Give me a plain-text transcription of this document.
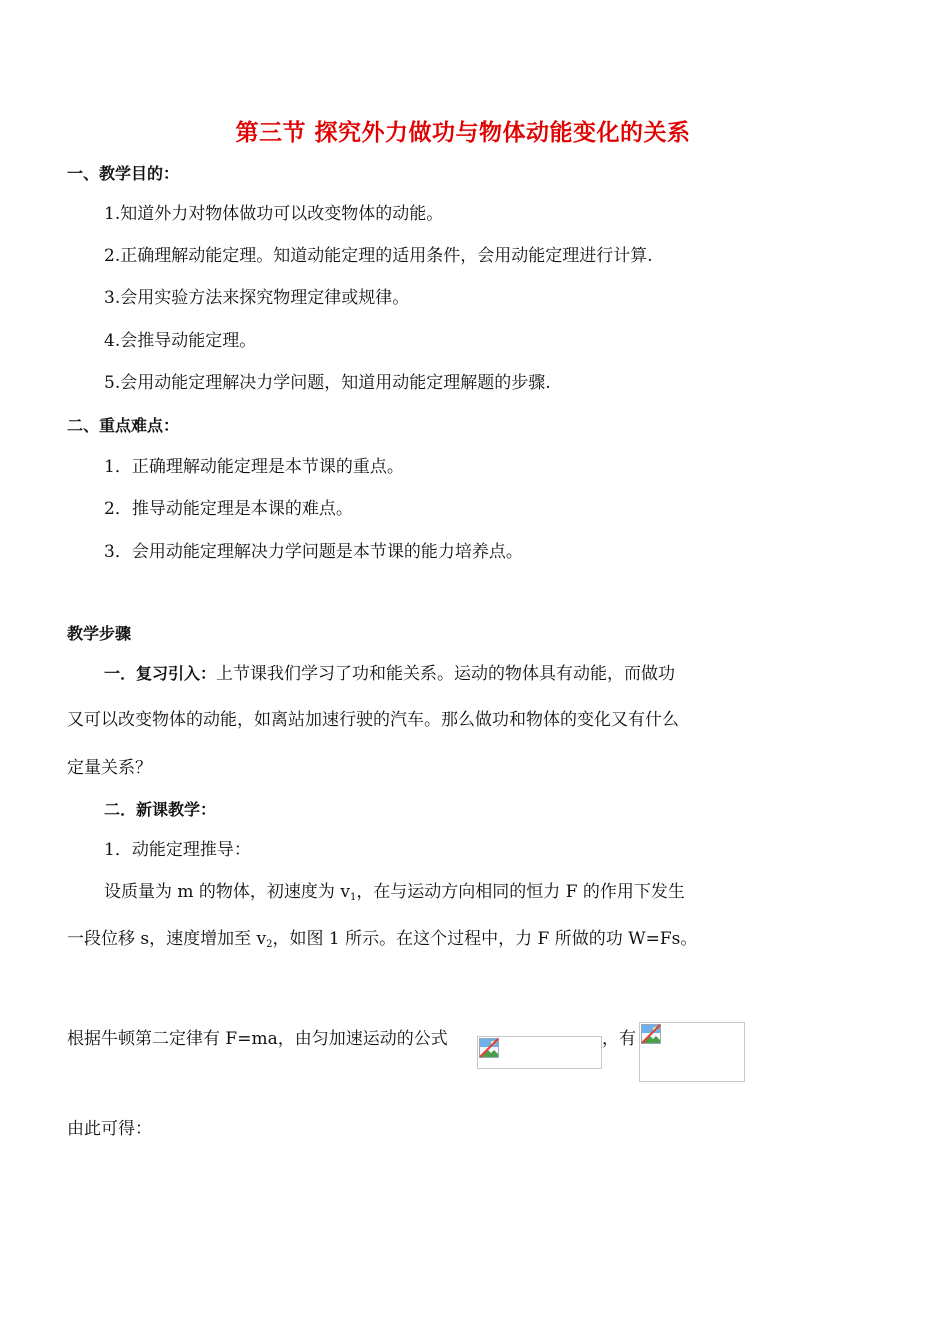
第三节 探究外力做功与物体动能变化的关系
一、教学目的：
1.知道外力对物体做功可以改变物体的动能。
2.正确理解动能定理。知道动能定理的适用条件，会用动能定理进行计算.
3.会用实验方法来探究物理定律或规律。
4.会推导动能定理。
5.会用动能定理解决力学问题，知道用动能定理解题的步骤.
二、重点难点：
1．正确理解动能定理是本节课的重点。
2．推导动能定理是本课的难点。
3．会用动能定理解决力学问题是本节课的能力培养点。
教学步骤
一．复习引入：上节课我们学习了功和能关系。运动的物体具有动能，而做功
又可以改变物体的动能，如离站加速行驶的汽车。那么做功和物体的变化又有什么
定量关系？
二．新课教学：
1．动能定理推导：
设质量为 m 的物体，初速度为 $v_1$，在与运动方向相同的恒力 F 的作用下发生
一段位移 s，速度增加至 $v_2$，如图 1 所示。在这个过程中，力 F 所做的功 W=Fs。
根据牛顿第二定律有 F=ma，由匀加速运动的公式	，有
由此可得：
